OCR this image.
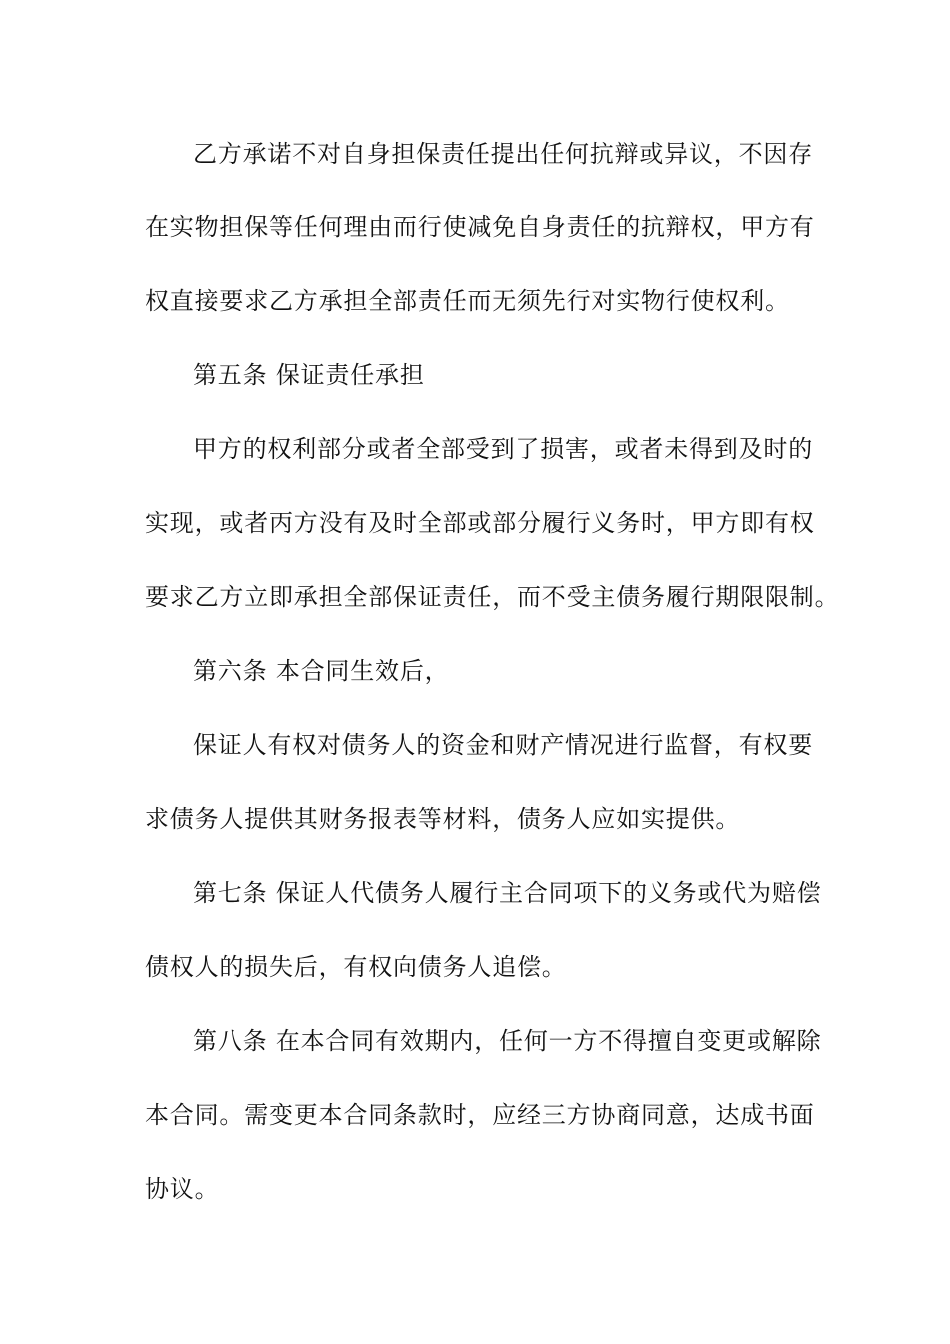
乙方承诺不对自身担保责任提出任何抗辩或异议，不因存
在实物担保等任何理由而行使减免自身责任的抗辩权，甲方有
权直接要求乙方承担全部责任而无须先行对实物行使权利。
第五条 保证责任承担
甲方的权利部分或者全部受到了损害，或者未得到及时的
实现，或者丙方没有及时全部或部分履行义务时，甲方即有权
要求乙方立即承担全部保证责任，而不受主债务履行期限限制。
第六条 本合同生效后，
保证人有权对债务人的资金和财产情况进行监督，有权要
求债务人提供其财务报表等材料，债务人应如实提供。
第七条 保证人代债务人履行主合同项下的义务或代为赔偿
债权人的损失后，有权向债务人追偿。
第八条 在本合同有效期内，任何一方不得擅自变更或解除
本合同。需变更本合同条款时，应经三方协商同意，达成书面
协议。
